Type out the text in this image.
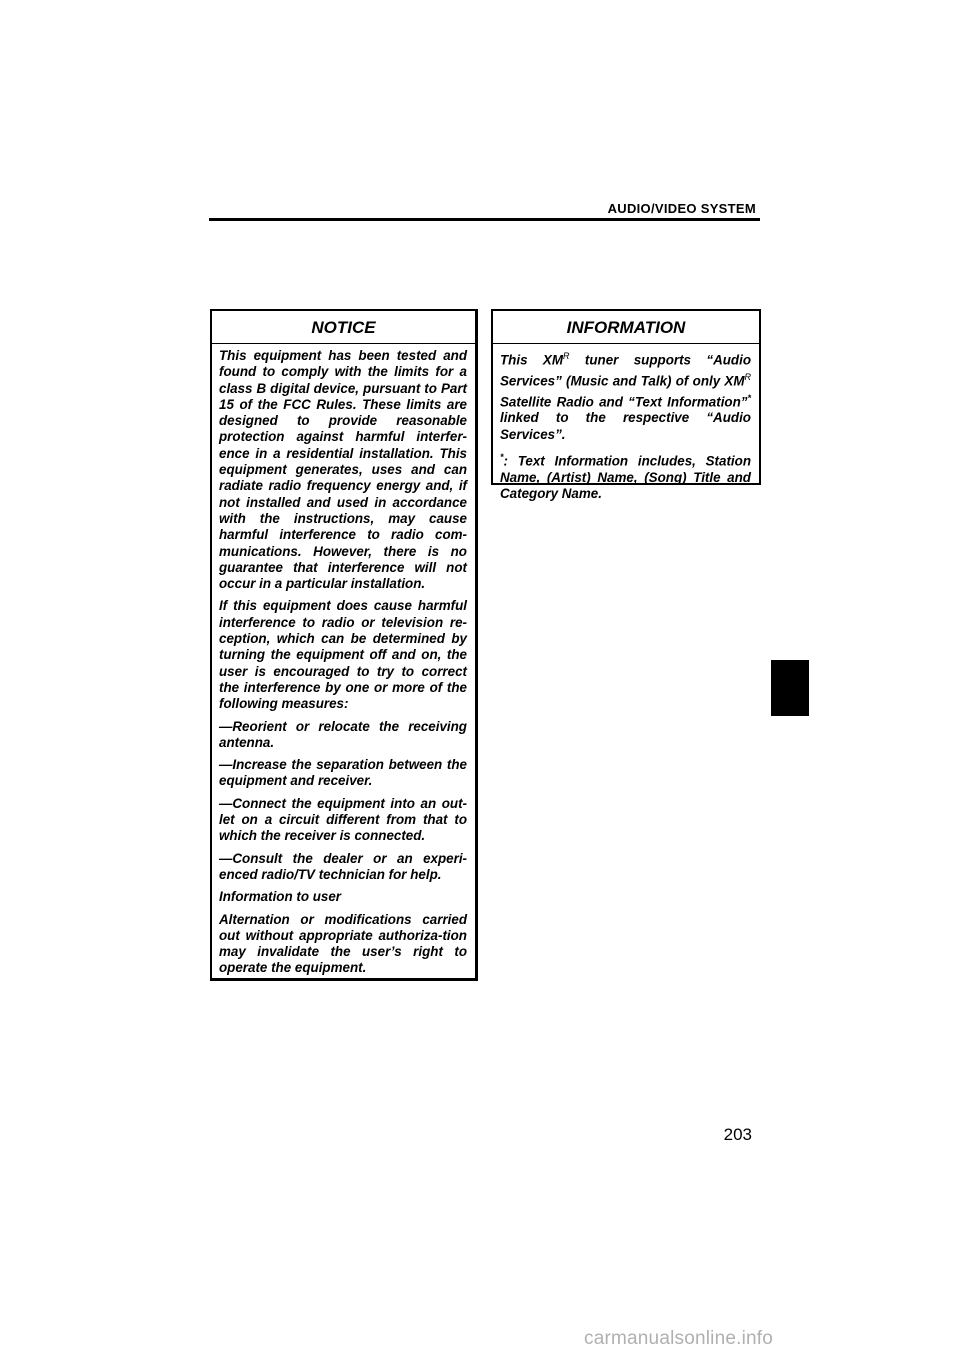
AUDIO/VIDEO SYSTEM
NOTICE

This equipment has been tested and found to comply with the limits for a class B digital device, pursuant to Part 15 of the FCC Rules. These limits are designed to provide reasonable protection against harmful interfer-ence in a residential installation. This equipment generates, uses and can radiate radio frequency energy and, if not installed and used in accordance with the instructions, may cause harmful interference to radio com-munications. However, there is no guarantee that interference will not occur in a particular installation.

If this equipment does cause harmful interference to radio or television re-ception, which can be determined by turning the equipment off and on, the user is encouraged to try to correct the interference by one or more of the following measures:

—Reorient or relocate the receiving antenna.

—Increase the separation between the equipment and receiver.

—Connect the equipment into an out-let on a circuit different from that to which the receiver is connected.

—Consult the dealer or an experi-enced radio/TV technician for help.

Information to user

Alternation or modifications carried out without appropriate authoriza-tion may invalidate the user’s right to operate the equipment.

INFORMATION

This $XM^R$ tuner supports “Audio Services” (Music and Talk) of only $XM^R$ Satellite Radio and “Text Information”* linked to the respective “Audio Services”.

*: Text Information includes, Station Name, (Artist) Name, (Song) Title and Category Name.

203
carmanualsonline.info
